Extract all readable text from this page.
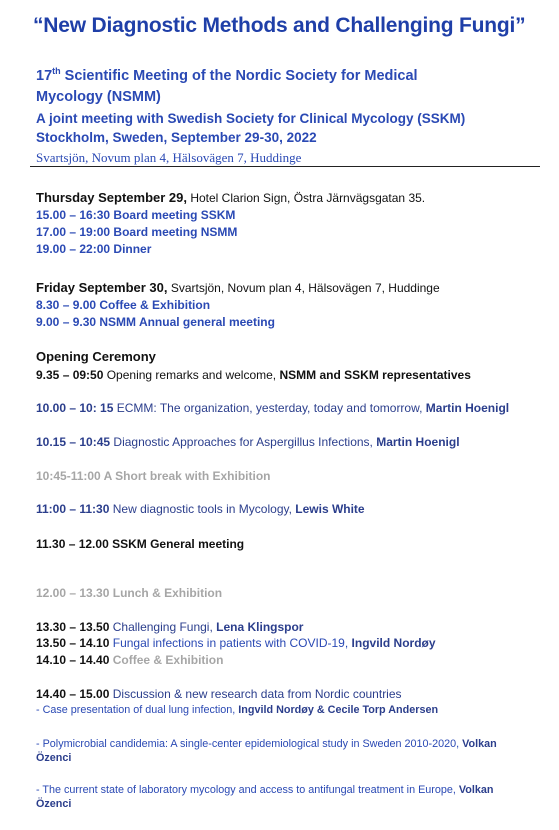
“New Diagnostic Methods and Challenging Fungi”
17th Scientific Meeting of the Nordic Society for Medical
Mycology (NSMM)
A joint meeting with Swedish Society for Clinical Mycology (SSKM)
Stockholm, Sweden, September 29-30, 2022
Svartsjön, Novum plan 4, Hälsovägen 7, Huddinge
Thursday September 29, Hotel Clarion Sign, Östra Järnvägsgatan 35.
15.00 – 16:30 Board meeting SSKM
17.00 – 19:00 Board meeting NSMM
19.00 – 22:00 Dinner
Friday September 30, Svartsjön, Novum plan 4, Hälsovägen 7, Huddinge
8.30 – 9.00 Coffee & Exhibition
9.00 – 9.30 NSMM Annual general meeting
Opening Ceremony
9.35 – 09:50 Opening remarks and welcome, NSMM and SSKM representatives
10.00 – 10: 15 ECMM: The organization, yesterday, today and tomorrow, Martin Hoenigl
10.15 – 10:45 Diagnostic Approaches for Aspergillus Infections, Martin Hoenigl
10:45-11:00 A Short break with Exhibition
11:00 – 11:30 New diagnostic tools in Mycology, Lewis White
11.30 – 12.00 SSKM General meeting
12.00 – 13.30 Lunch & Exhibition
13.30 – 13.50 Challenging Fungi, Lena Klingspor
13.50 – 14.10 Fungal infections in patients with COVID-19, Ingvild Nordøy
14.10 – 14.40 Coffee & Exhibition
14.40 – 15.00 Discussion & new research data from Nordic countries
- Case presentation of dual lung infection, Ingvild Nordøy & Cecile Torp Andersen
- Polymicrobial candidemia: A single-center epidemiological study in Sweden 2010-2020, Volkan
Özenci
- The current state of laboratory mycology and access to antifungal treatment in Europe, Volkan
Özenci
